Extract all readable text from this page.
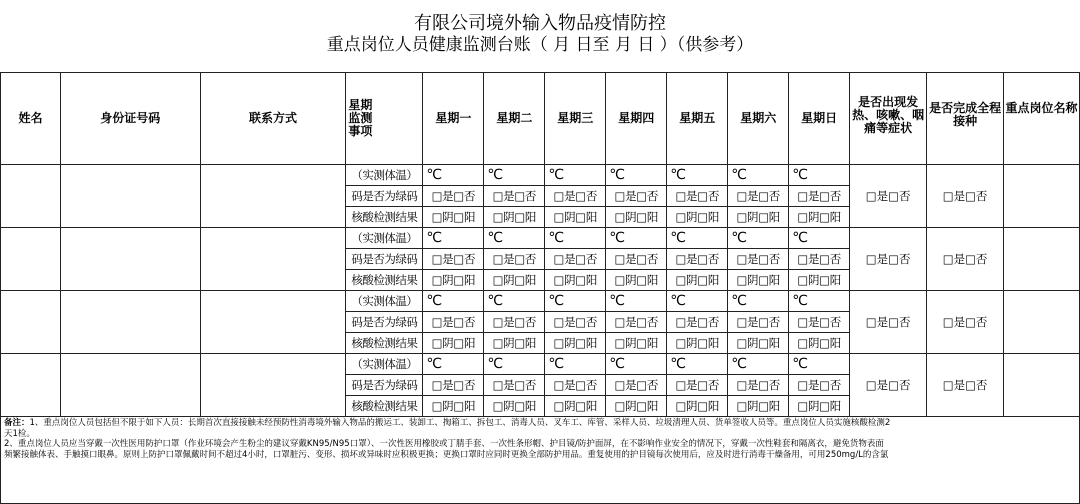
有限公司境外输入物品疫情防控
重点岗位人员健康监测台账（ 月 日至 月 日 ）（供参考）
姓名	身份证号码	联系方式	星期
监测
事项	星期一	星期二	星期三	星期四	星期五	星期六	星期日	是否出现发热、咳嗽、咽痛等症状	是否完成全程接种	重点岗位名称
			（实测体温）	℃	℃	℃	℃	℃	℃	℃	□是□否	□是□否	
			码是否为绿码	□是□否	□是□否	□是□否	□是□否	□是□否	□是□否	□是□否			
			核酸检测结果	□阴□阳	□阴□阳	□阴□阳	□阴□阳	□阴□阳	□阴□阳	□阴□阳			
			（实测体温）	℃	℃	℃	℃	℃	℃	℃	□是□否	□是□否	
			码是否为绿码	□是□否	□是□否	□是□否	□是□否	□是□否	□是□否	□是□否			
			核酸检测结果	□阴□阳	□阴□阳	□阴□阳	□阴□阳	□阴□阳	□阴□阳	□阴□阳			
			（实测体温）	℃	℃	℃	℃	℃	℃	℃	□是□否	□是□否	
			码是否为绿码	□是□否	□是□否	□是□否	□是□否	□是□否	□是□否	□是□否			
			核酸检测结果	□阴□阳	□阴□阳	□阴□阳	□阴□阳	□阴□阳	□阴□阳	□阴□阳			
			（实测体温）	℃	℃	℃	℃	℃	℃	℃	□是□否	□是□否	
			码是否为绿码	□是□否	□是□否	□是□否	□是□否	□是□否	□是□否	□是□否			
			核酸检测结果	□阴□阳	□阴□阳	□阴□阳	□阴□阳	□阴□阳	□阴□阳	□阴□阳			
备注：1、重点岗位人员包括但不限于如下人员：长期首次直接接触未经预防性消毒境外输入物品的搬运工、装卸工、掏箱工、拆包工、消毒人员、叉车工、库管、采样人员、垃圾清理人员、货单签收人员等。重点岗位人员实施核酸检测2
天1检。
2、重点岗位人员应当穿戴一次性医用防护口罩（作业环境会产生粉尘的建议穿戴KN95/N95口罩）、一次性医用橡胶或丁腈手套、一次性条形帽、护目镜/防护面屏，在不影响作业安全的情况下，穿戴一次性鞋套和隔离衣，避免货物表面
频繁接触体表、手触摸口眼鼻。原则上防护口罩佩戴时间不超过4小时，口罩脏污、变形、损坏或异味时应积极更换；更换口罩时应同时更换全部防护用品。重复使用的护目镜每次使用后，应及时进行消毒干燥备用，可用250mg/L的含氯
